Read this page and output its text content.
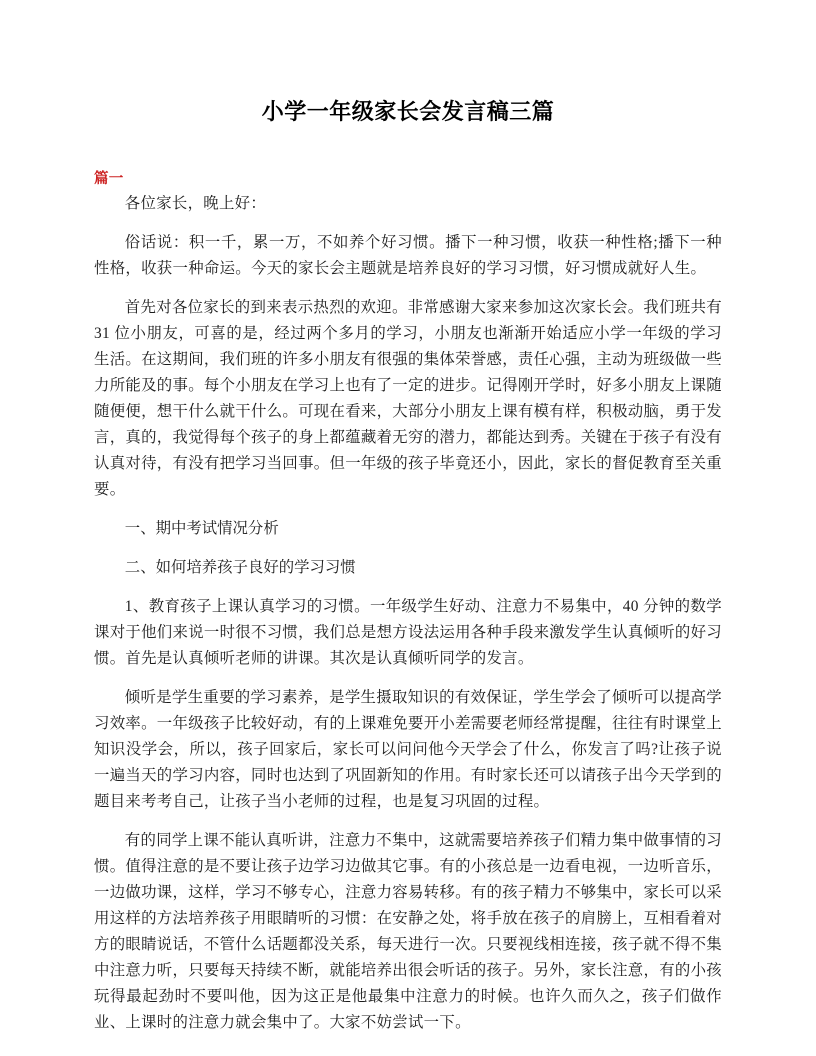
小学一年级家长会发言稿三篇
篇一

各位家长，晚上好：

俗话说：积一千，累一万，不如养个好习惯。播下一种习惯，收获一种性格;播下一种性格，收获一种命运。今天的家长会主题就是培养良好的学习习惯，好习惯成就好人生。

首先对各位家长的到来表示热烈的欢迎。非常感谢大家来参加这次家长会。我们班共有 31 位小朋友，可喜的是，经过两个多月的学习，小朋友也渐渐开始适应小学一年级的学习生活。在这期间，我们班的许多小朋友有很强的集体荣誉感，责任心强，主动为班级做一些力所能及的事。每个小朋友在学习上也有了一定的进步。记得刚开学时，好多小朋友上课随随便便，想干什么就干什么。可现在看来，大部分小朋友上课有模有样，积极动脑，勇于发言，真的，我觉得每个孩子的身上都蕴藏着无穷的潜力，都能达到秀。关键在于孩子有没有认真对待，有没有把学习当回事。但一年级的孩子毕竟还小，因此，家长的督促教育至关重要。

一、期中考试情况分析

二、如何培养孩子良好的学习习惯

1、教育孩子上课认真学习的习惯。一年级学生好动、注意力不易集中，40 分钟的数学课对于他们来说一时很不习惯，我们总是想方设法运用各种手段来激发学生认真倾听的好习惯。首先是认真倾听老师的讲课。其次是认真倾听同学的发言。

倾听是学生重要的学习素养，是学生摄取知识的有效保证，学生学会了倾听可以提高学习效率。一年级孩子比较好动，有的上课难免要开小差需要老师经常提醒，往往有时课堂上知识没学会，所以，孩子回家后，家长可以问问他今天学会了什么，你发言了吗?让孩子说一遍当天的学习内容，同时也达到了巩固新知的作用。有时家长还可以请孩子出今天学到的题目来考考自己，让孩子当小老师的过程，也是复习巩固的过程。

有的同学上课不能认真听讲，注意力不集中，这就需要培养孩子们精力集中做事情的习惯。值得注意的是不要让孩子边学习边做其它事。有的小孩总是一边看电视，一边听音乐，一边做功课，这样，学习不够专心，注意力容易转移。有的孩子精力不够集中，家长可以采用这样的方法培养孩子用眼睛听的习惯：在安静之处，将手放在孩子的肩膀上，互相看着对方的眼睛说话，不管什么话题都没关系，每天进行一次。只要视线相连接，孩子就不得不集中注意力听，只要每天持续不断，就能培养出很会听话的孩子。另外，家长注意，有的小孩玩得最起劲时不要叫他，因为这正是他最集中注意力的时候。也许久而久之，孩子们做作业、上课时的注意力就会集中了。大家不妨尝试一下。
